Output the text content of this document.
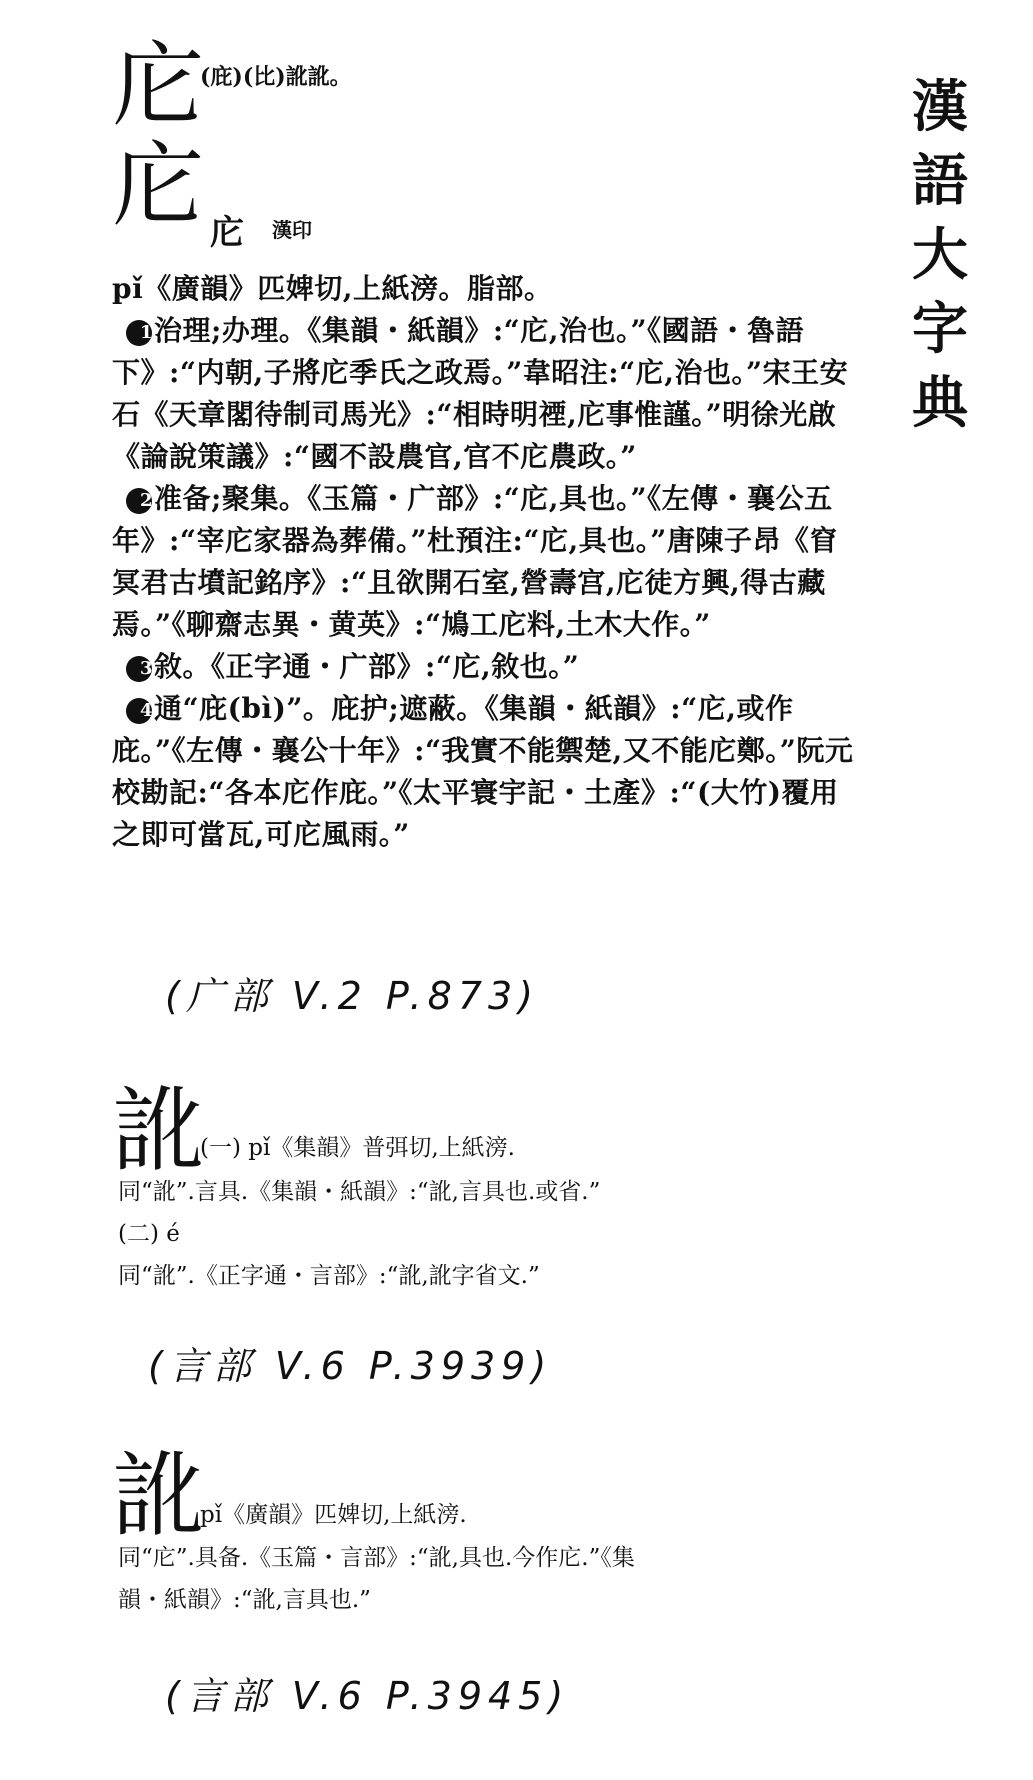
漢
語
大
字
典
庀
(庇)(比)訛訛。
庀 庀 漢印

pǐ《廣韻》匹婢切,上紙滂。脂部。

1治理;办理。《集韻・紙韻》:“庀,治也。”《國語・魯語下》:“内朝,子將庀季氏之政焉。”韋昭注:“庀,治也。”宋王安石《天章閣待制司馬光》:“相時明禋,庀事惟謹。”明徐光啟《論說策議》:“國不設農官,官不庀農政。”

2准备;聚集。《玉篇・广部》:“庀,具也。”《左傳・襄公五年》:“宰庀家器為葬備。”杜預注:“庀,具也。”唐陳子昂《窅冥君古墳記銘序》:“且欲開石室,營壽宫,庀徒方興,得古藏焉。”《聊齋志異・黄英》:“鳩工庀料,土木大作。”

3敘。《正字通・广部》:“庀,敘也。”

4通“庇(bì)”。庇护;遮蔽。《集韻・紙韻》:“庀,或作庇。”《左傳・襄公十年》:“我實不能禦楚,又不能庀鄭。”阮元校勘記:“各本庀作庇。”《太平寰宇記・土產》:“(大竹)覆用之即可當瓦,可庀風雨。”

(广部 V.2 P.873)
訛
(一) pǐ《集韻》普弭切,上紙滂.
同“訛”.言具.《集韻・紙韻》:“訛,言具也.或省.”
(二) é
同“訛”.《正字通・言部》:“訛,訛字省文.”
(言部 V.6 P.3939)
訛
pǐ《廣韻》匹婢切,上紙滂.
同“庀”.具备.《玉篇・言部》:“訛,具也.今作庀.”《集
韻・紙韻》:“訛,言具也.”
(言部 V.6 P.3945)
